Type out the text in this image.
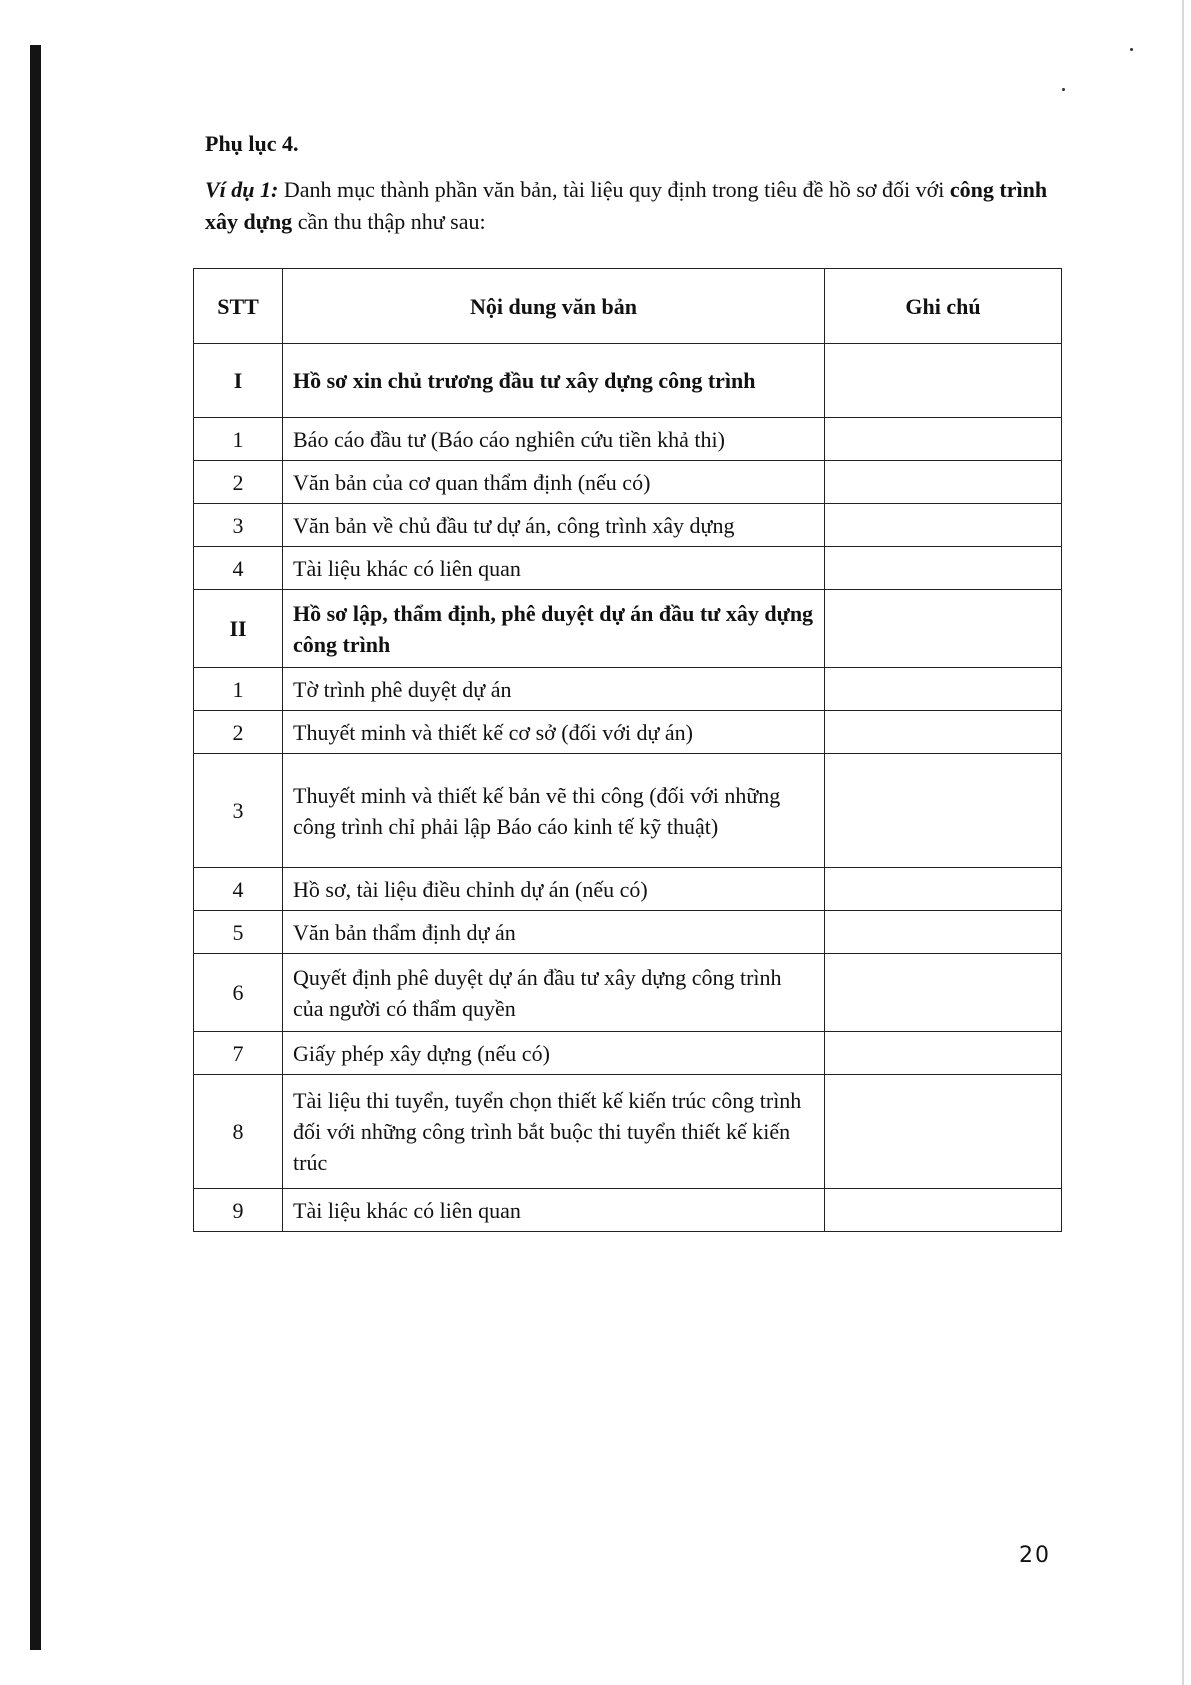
Phụ lục 4.
Ví dụ 1: Danh mục thành phần văn bản, tài liệu quy định trong tiêu đề hồ sơ đối với công trình xây dựng cần thu thập như sau:
STT	Nội dung văn bản	Ghi chú
I	Hồ sơ xin chủ trương đầu tư xây dựng công trình	
1	Báo cáo đầu tư (Báo cáo nghiên cứu tiền khả thi)	
2	Văn bản của cơ quan thẩm định (nếu có)	
3	Văn bản về chủ đầu tư dự án, công trình xây dựng	
4	Tài liệu khác có liên quan	
II	Hồ sơ lập, thẩm định, phê duyệt dự án đầu tư xây dựng công trình	
1	Tờ trình phê duyệt dự án	
2	Thuyết minh và thiết kế cơ sở (đối với dự án)	
3	Thuyết minh và thiết kế bản vẽ thi công (đối với những công trình chỉ phải lập Báo cáo kinh tế kỹ thuật)	
4	Hồ sơ, tài liệu điều chỉnh dự án (nếu có)	
5	Văn bản thẩm định dự án	
6	Quyết định phê duyệt dự án đầu tư xây dựng công trình của người có thẩm quyền	
7	Giấy phép xây dựng (nếu có)	
8	Tài liệu thi tuyển, tuyển chọn thiết kế kiến trúc công trình đối với những công trình bắt buộc thi tuyển thiết kế kiến trúc	
9	Tài liệu khác có liên quan	
20
